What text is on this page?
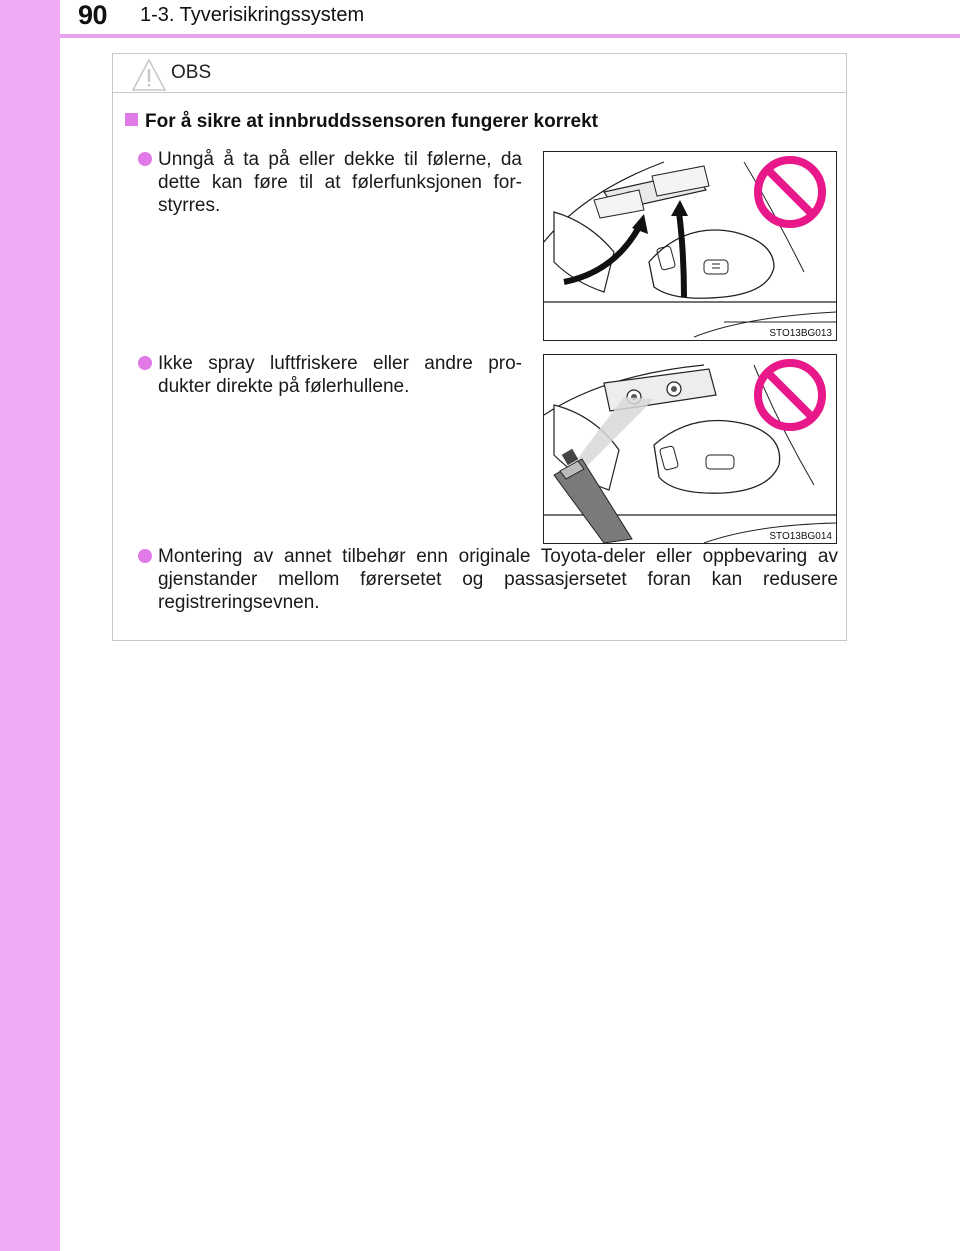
90 1-3. Tyverisikringssystem
OBS
For å sikre at innbruddssensoren fungerer korrekt
Unngå å ta på eller dekke til følerne, da dette kan føre til at følerfunksjonen for-styrres.
STO13BG013
Ikke spray luftfriskere eller andre pro-dukter direkte på følerhullene.
STO13BG014
Montering av annet tilbehør enn originale Toyota-deler eller oppbevaring av gjenstander mellom førersetet og passasjersetet foran kan redusere registreringsevnen.
